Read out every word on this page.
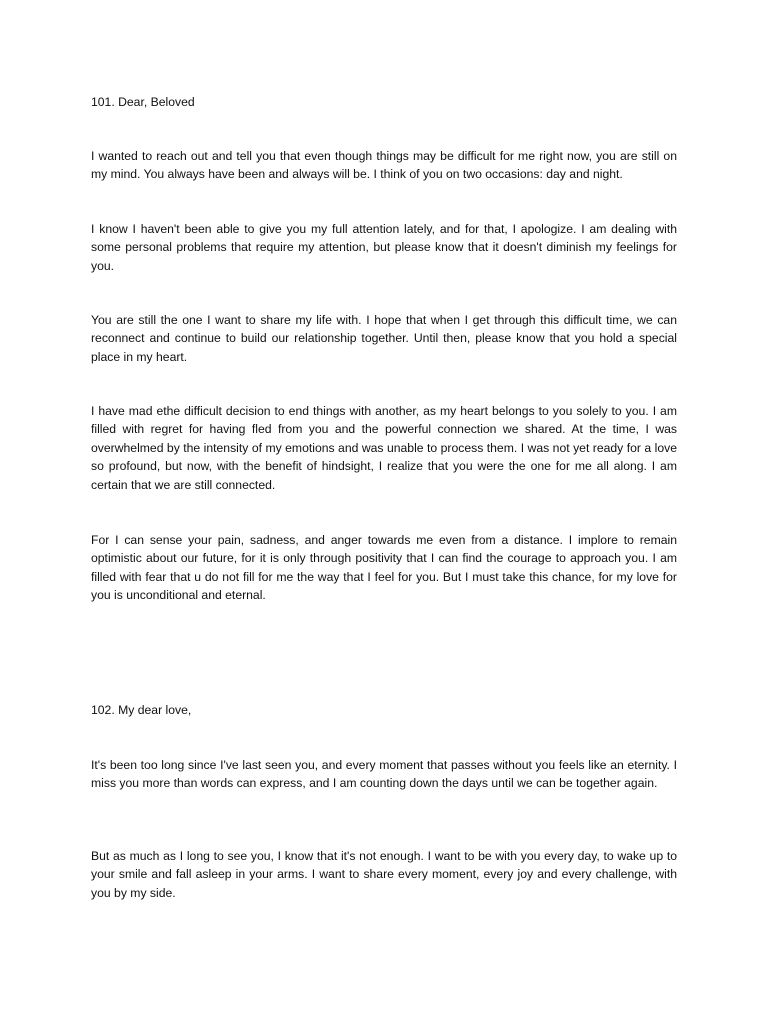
101. Dear, Beloved

I wanted to reach out and tell you that even though things may be difficult for me right now, you are still on my mind. You always have been and always will be. I think of you on two occasions: day and night.

I know I haven't been able to give you my full attention lately, and for that, I apologize. I am dealing with some personal problems that require my attention, but please know that it doesn't diminish my feelings for you.

You are still the one I want to share my life with. I hope that when I get through this difficult time, we can reconnect and continue to build our relationship together. Until then, please know that you hold a special place in my heart.

I have mad ethe difficult decision to end things with another, as my heart belongs to you solely to you. I am filled with regret for having fled from you and the powerful connection we shared. At the time, I was overwhelmed by the intensity of my emotions and was unable to process them. I was not yet ready for a love so profound, but now, with the benefit of hindsight, I realize that you were the one for me all along. I am certain that we are still connected.

For I can sense your pain, sadness, and anger towards me even from a distance. I implore to remain optimistic about our future, for it is only through positivity that I can find the courage to approach you. I am filled with fear that u do not fill for me the way that I feel for you. But I must take this chance, for my love for you is unconditional and eternal.

102. My dear love,

It's been too long since I've last seen you, and every moment that passes without you feels like an eternity. I miss you more than words can express, and I am counting down the days until we can be together again.

But as much as I long to see you, I know that it's not enough. I want to be with you every day, to wake up to your smile and fall asleep in your arms. I want to share every moment, every joy and every challenge, with you by my side.
